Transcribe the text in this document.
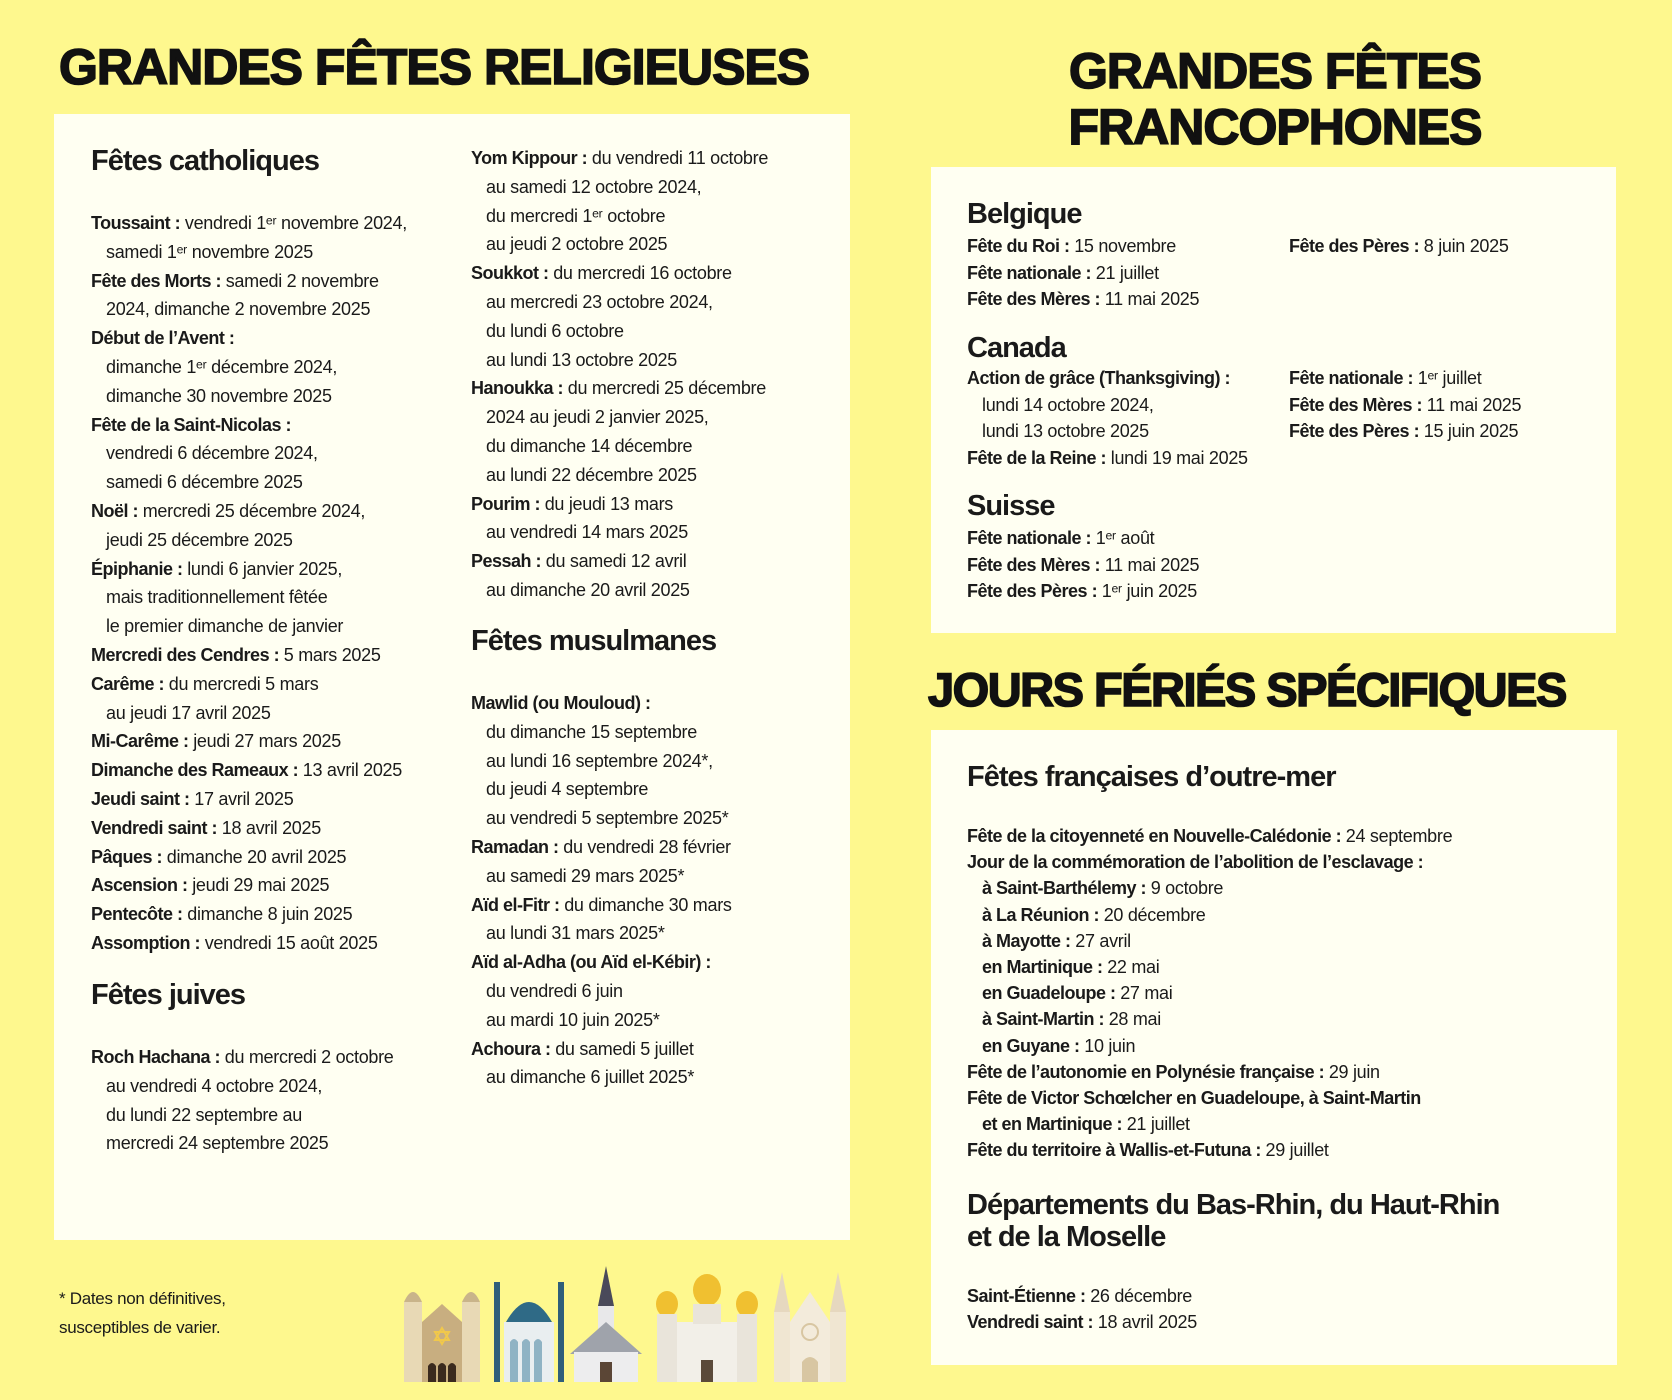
GRANDES FÊTES RELIGIEUSES	GRANDES FÊTES
FRANCOPHONES
JOURS FÉRIÉS SPÉCIFIQUES
Fêtes catholiques
Toussaint : vendredi 1ᵉʳ novembre 2024,
samedi 1ᵉʳ novembre 2025
Fête des Morts : samedi 2 novembre
2024, dimanche 2 novembre 2025
Début de l’Avent :
dimanche 1ᵉʳ décembre 2024,
dimanche 30 novembre 2025
Fête de la Saint-Nicolas :
vendredi 6 décembre 2024,
samedi 6 décembre 2025
Noël : mercredi 25 décembre 2024,
jeudi 25 décembre 2025
Épiphanie : lundi 6 janvier 2025,
mais traditionnellement fêtée
le premier dimanche de janvier
Mercredi des Cendres : 5 mars 2025
Carême : du mercredi 5 mars
au jeudi 17 avril 2025
Mi-Carême : jeudi 27 mars 2025
Dimanche des Rameaux : 13 avril 2025
Jeudi saint : 17 avril 2025
Vendredi saint : 18 avril 2025
Pâques : dimanche 20 avril 2025
Ascension : jeudi 29 mai 2025
Pentecôte : dimanche 8 juin 2025
Assomption : vendredi 15 août 2025
Fêtes juives
Roch Hachana : du mercredi 2 octobre
au vendredi 4 octobre 2024,
du lundi 22 septembre au
mercredi 24 septembre 2025
Yom Kippour : du vendredi 11 octobre
au samedi 12 octobre 2024,
du mercredi 1ᵉʳ octobre
au jeudi 2 octobre 2025
Soukkot : du mercredi 16 octobre
au mercredi 23 octobre 2024,
du lundi 6 octobre
au lundi 13 octobre 2025
Hanoukka : du mercredi 25 décembre
2024 au jeudi 2 janvier 2025,
du dimanche 14 décembre
au lundi 22 décembre 2025
Pourim : du jeudi 13 mars
au vendredi 14 mars 2025
Pessah : du samedi 12 avril
au dimanche 20 avril 2025
Fêtes musulmanes
Mawlid (ou Mouloud) :
du dimanche 15 septembre
au lundi 16 septembre 2024*,
du jeudi 4 septembre
au vendredi 5 septembre 2025*
Ramadan : du vendredi 28 février
au samedi 29 mars 2025*
Aïd el-Fitr : du dimanche 30 mars
au lundi 31 mars 2025*
Aïd al-Adha (ou Aïd el-Kébir) :
du vendredi 6 juin
au mardi 10 juin 2025*
Achoura : du samedi 5 juillet
au dimanche 6 juillet 2025*
* Dates non définitives,
susceptibles de varier.
Belgique
Fête du Roi : 15 novembre
Fête nationale : 21 juillet
Fête des Mères : 11 mai 2025
Fête des Pères : 8 juin 2025
Canada
Action de grâce (Thanksgiving) :
lundi 14 octobre 2024,
lundi 13 octobre 2025
Fête de la Reine : lundi 19 mai 2025
Fête nationale : 1ᵉʳ juillet
Fête des Mères : 11 mai 2025
Fête des Pères : 15 juin 2025
Suisse
Fête nationale : 1ᵉʳ août
Fête des Mères : 11 mai 2025
Fête des Pères : 1ᵉʳ juin 2025
Fêtes françaises d’outre-mer
Fête de la citoyenneté en Nouvelle-Calédonie : 24 septembre
Jour de la commémoration de l’abolition de l’esclavage :
à Saint-Barthélemy : 9 octobre
à La Réunion : 20 décembre
à Mayotte : 27 avril
en Martinique : 22 mai
en Guadeloupe : 27 mai
à Saint-Martin : 28 mai
en Guyane : 10 juin
Fête de l’autonomie en Polynésie française : 29 juin
Fête de Victor Schœlcher en Guadeloupe, à Saint-Martin
et en Martinique : 21 juillet
Fête du territoire à Wallis-et-Futuna : 29 juillet
Départements du Bas-Rhin, du Haut-Rhin
et de la Moselle
Saint-Étienne : 26 décembre
Vendredi saint : 18 avril 2025
